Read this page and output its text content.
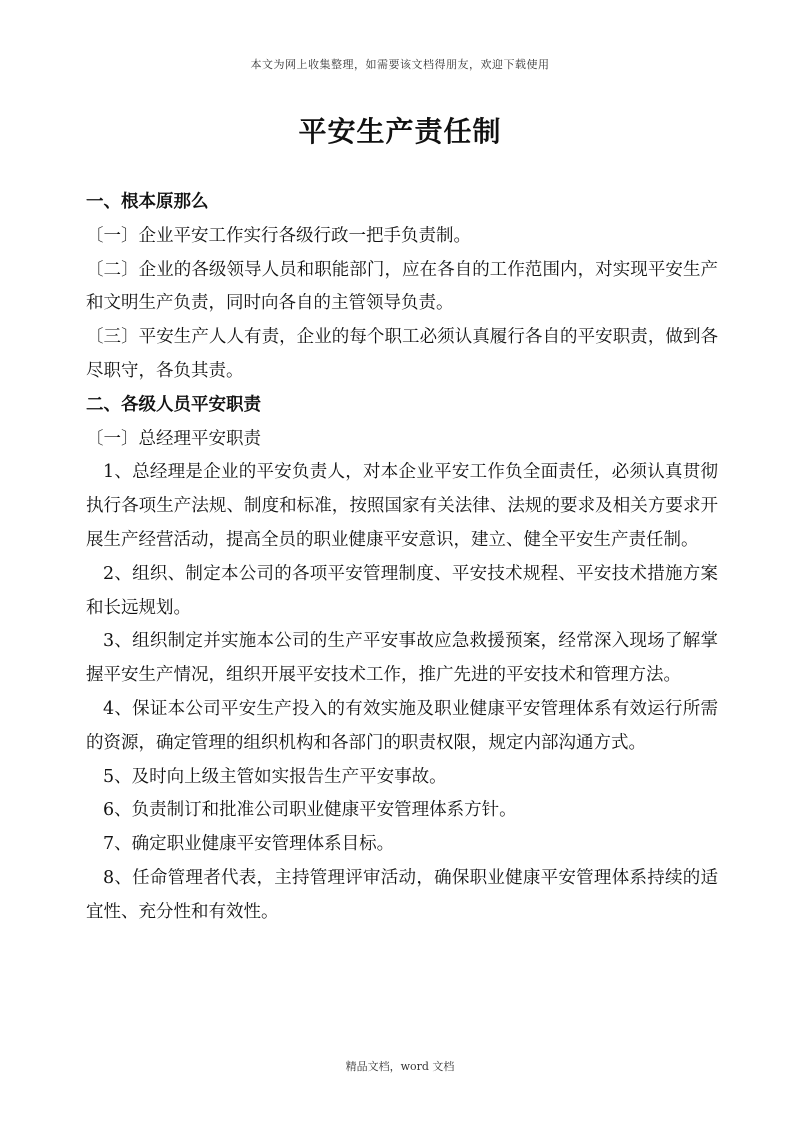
本文为网上收集整理，如需要该文档得朋友，欢迎下载使用
平安生产责任制

一、根本原那么

〔一〕企业平安工作实行各级行政一把手负责制。

〔二〕企业的各级领导人员和职能部门，应在各自的工作范围内，对实现平安生产和文明生产负责，同时向各自的主管领导负责。

〔三〕平安生产人人有责，企业的每个职工必须认真履行各自的平安职责，做到各尽职守，各负其责。

二、各级人员平安职责

〔一〕总经理平安职责

1、总经理是企业的平安负责人，对本企业平安工作负全面责任，必须认真贯彻执行各项生产法规、制度和标准，按照国家有关法律、法规的要求及相关方要求开展生产经营活动，提高全员的职业健康平安意识，建立、健全平安生产责任制。

2、组织、制定本公司的各项平安管理制度、平安技术规程、平安技术措施方案和长远规划。

3、组织制定并实施本公司的生产平安事故应急救援预案，经常深入现场了解掌握平安生产情况，组织开展平安技术工作，推广先进的平安技术和管理方法。

4、保证本公司平安生产投入的有效实施及职业健康平安管理体系有效运行所需的资源，确定管理的组织机构和各部门的职责权限，规定内部沟通方式。

5、及时向上级主管如实报告生产平安事故。

6、负责制订和批准公司职业健康平安管理体系方针。

7、确定职业健康平安管理体系目标。

8、任命管理者代表，主持管理评审活动，确保职业健康平安管理体系持续的适宜性、充分性和有效性。

精品文档，word 文档
